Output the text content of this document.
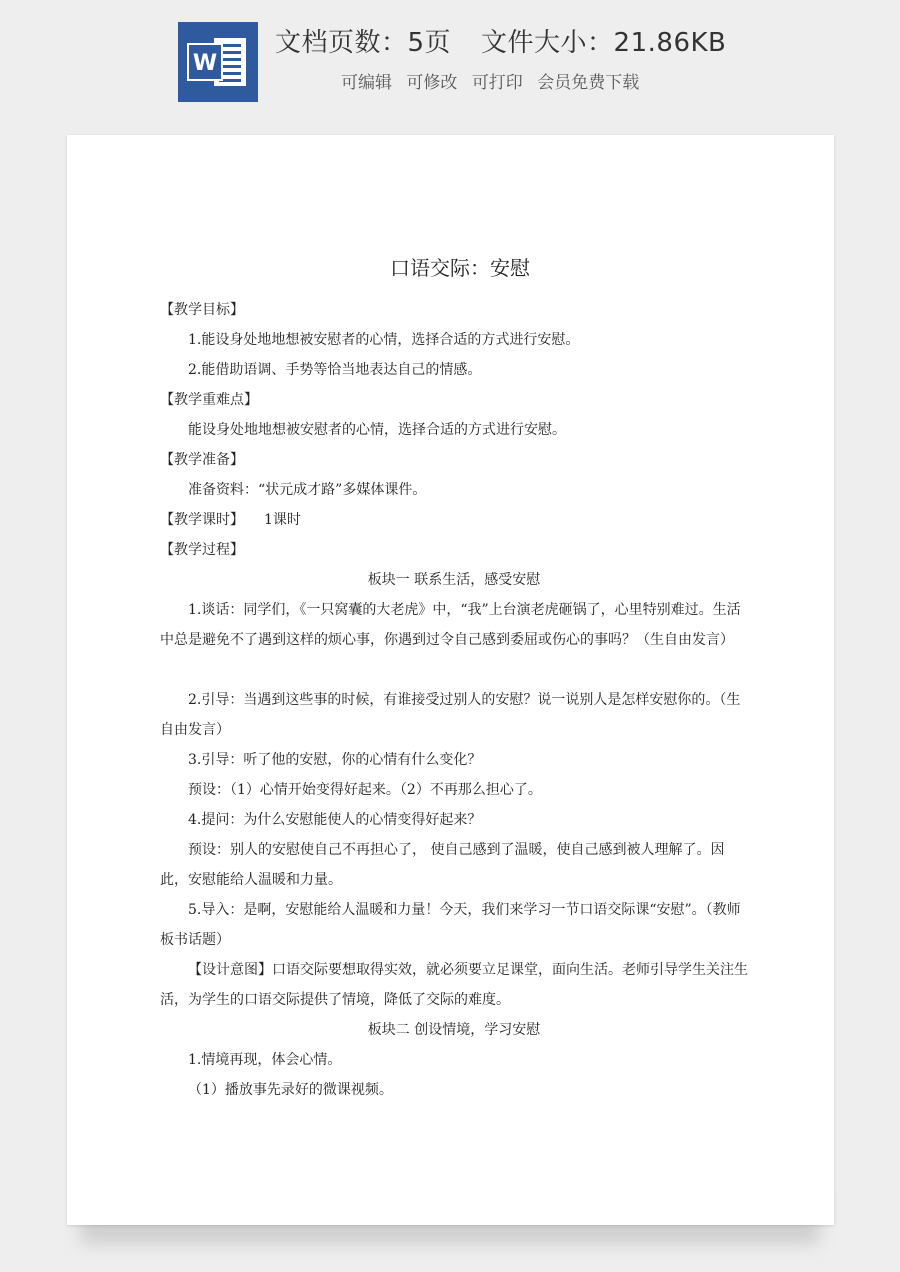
W
文档页数：5页 文件大小：21.86KB
可编辑 可修改 可打印 会员免费下载
口语交际：安慰
【教学目标】
1.能设身处地地想被安慰者的心情，选择合适的方式进行安慰。
2.能借助语调、手势等恰当地表达自己的情感。
【教学重难点】
能设身处地地想被安慰者的心情，选择合适的方式进行安慰。
【教学准备】
准备资料：“状元成才路”多媒体课件。
【教学课时】 1课时
【教学过程】
板块一 联系生活，感受安慰
1.谈话：同学们，《一只窝囊的大老虎》中，“我”上台演老虎砸锅了，心里特别难过。生活中总是避免不了遇到这样的烦心事，你遇到过令自己感到委屈或伤心的事吗？（生自由发言）
2.引导：当遇到这些事的时候，有谁接受过别人的安慰？说一说别人是怎样安慰你的。（生自由发言）
3.引导：听了他的安慰，你的心情有什么变化？
预设：（1）心情开始变得好起来。（2）不再那么担心了。
4.提问：为什么安慰能使人的心情变得好起来？
预设：别人的安慰使自己不再担心了， 使自己感到了温暖，使自己感到被人理解了。因此，安慰能给人温暖和力量。
5.导入：是啊，安慰能给人温暖和力量！今天，我们来学习一节口语交际课“安慰”。（教师板书话题）
【设计意图】口语交际要想取得实效，就必须要立足课堂，面向生活。老师引导学生关注生活，为学生的口语交际提供了情境，降低了交际的难度。
板块二 创设情境，学习安慰
1.情境再现，体会心情。
（1）播放事先录好的微课视频。
